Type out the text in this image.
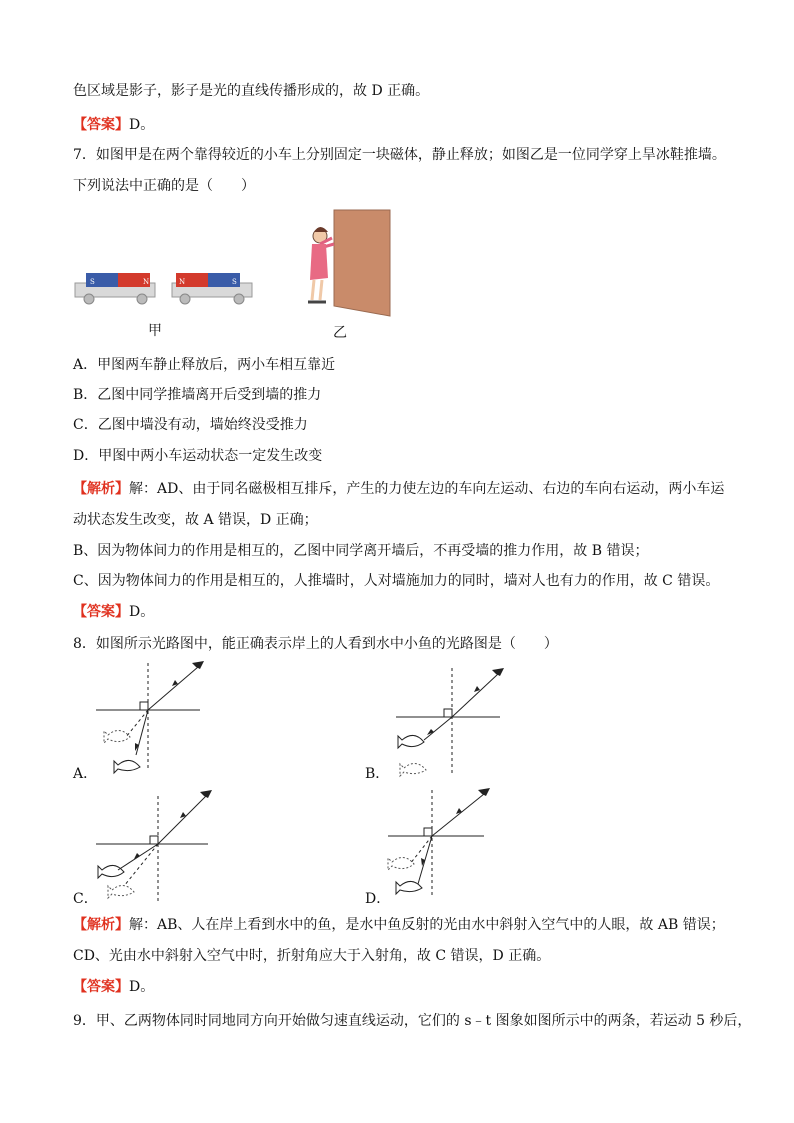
色区域是影子，影子是光的直线传播形成的，故 D 正确。
【答案】D。
7．如图甲是在两个靠得较近的小车上分别固定一块磁体，静止释放；如图乙是一位同学穿上旱冰鞋推墙。
下列说法中正确的是（　　）
S	N	N	S
甲	乙
A．甲图两车静止释放后，两小车相互靠近
B．乙图中同学推墙离开后受到墙的推力
C．乙图中墙没有动，墙始终没受推力
D．甲图中两小车运动状态一定发生改变
【解析】解：AD、由于同名磁极相互排斥，产生的力使左边的车向左运动、右边的车向右运动，两小车运
动状态发生改变，故 A 错误，D 正确；
B、因为物体间力的作用是相互的，乙图中同学离开墙后，不再受墙的推力作用，故 B 错误；
C、因为物体间力的作用是相互的，人推墙时，人对墙施加力的同时，墙对人也有力的作用，故 C 错误。
【答案】D。
8．如图所示光路图中，能正确表示岸上的人看到水中小鱼的光路图是（　　）
A．	B．
C．	D．
【解析】解：AB、人在岸上看到水中的鱼，是水中鱼反射的光由水中斜射入空气中的人眼，故 AB 错误；
CD、光由水中斜射入空气中时，折射角应大于入射角，故 C 错误，D 正确。
【答案】D。
9．甲、乙两物体同时同地同方向开始做匀速直线运动，它们的 s﹣t 图象如图所示中的两条，若运动 5 秒后，
